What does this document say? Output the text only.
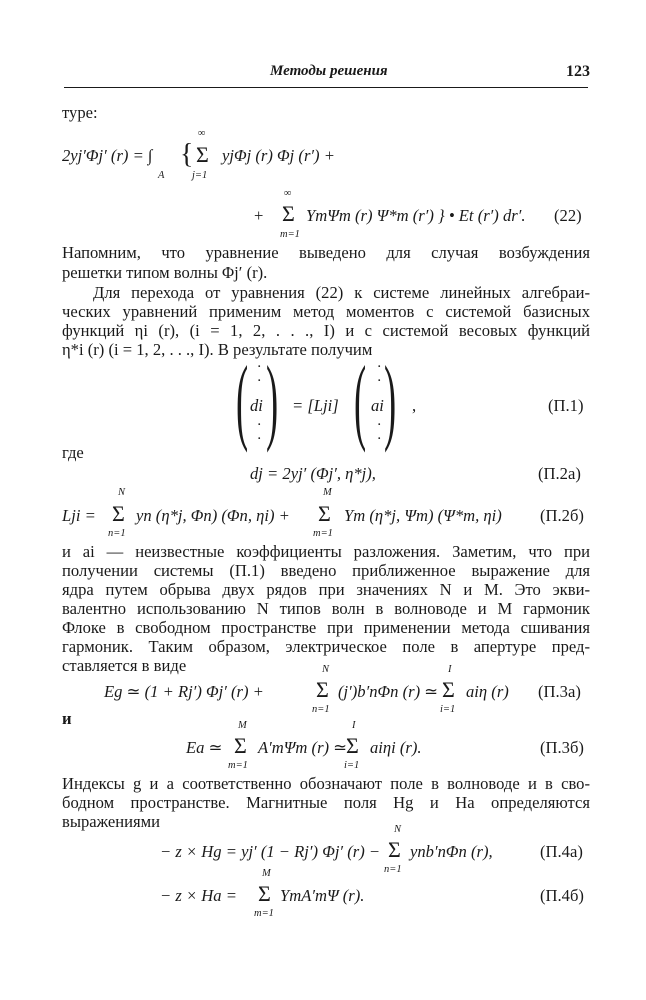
Методы решения	123
туре:
2yj′Φj′ (r) = ∫
A
{
∞
Σ
j=1
yjΦj (r) Φj (r′) +
+
∞
Σ
m=1
YmΨm (r) Ψ*m (r′) } • Et (r′) dr′. (22)
Напомним, что уравнение выведено для случая возбуждения
решетки типом волны Φj′ (r).
Для перехода от уравнения (22) к системе линейных алгебраи-
ческих уравнений применим метод моментов с системой базисных
функций ηi (r), (i = 1, 2, . . ., I) и с системой весовых функций
η*i (r) (i = 1, 2, . . ., I). В результате получим
( ·
·
di
·
· ) = [Lji] ( ·
·
ai
·
· ) ,	(П.1)
где
dj = 2yj′ (Φj′, η*j),	(П.2а)
Lji =
N
Σ
n=1
yn (η*j, Φn) (Φn, ηi) +
M
Σ
m=1
Ym (η*j, Ψm) (Ψ*m, ηi) (П.2б)
и ai — неизвестные коэффициенты разложения. Заметим, что при
получении системы (П.1) введено приближенное выражение для
ядра путем обрыва двух рядов при значениях N и M. Это экви-
валентно использованию N типов волн в волноводе и M гармоник
Флоке в свободном пространстве при применении метода сшивания
гармоник. Таким образом, электрическое поле в апертуре пред-
ставляется в виде
Eg ≃ (1 + Rj′) Φj′ (r) +
N
Σ
n=1
(j′)b′nΦn (r) ≃
I
Σ
i=1
aiη (r) (П.3а)
и
Ea ≃
M
Σ
m=1
A′mΨm (r) ≃
I
Σ
i=1
aiηi (r).	(П.3б)
Индексы g и a соответственно обозначают поле в волноводе и в сво-
бодном пространстве. Магнитные поля Hg и Ha определяются
выражениями
− z × Hg = yj′ (1 − Rj′) Φj′ (r) −
N
Σ
n=1
ynb′nΦn (r),	(П.4а)
− z × Ha =
M
Σ
m=1
YmA′mΨ (r).	(П.4б)
